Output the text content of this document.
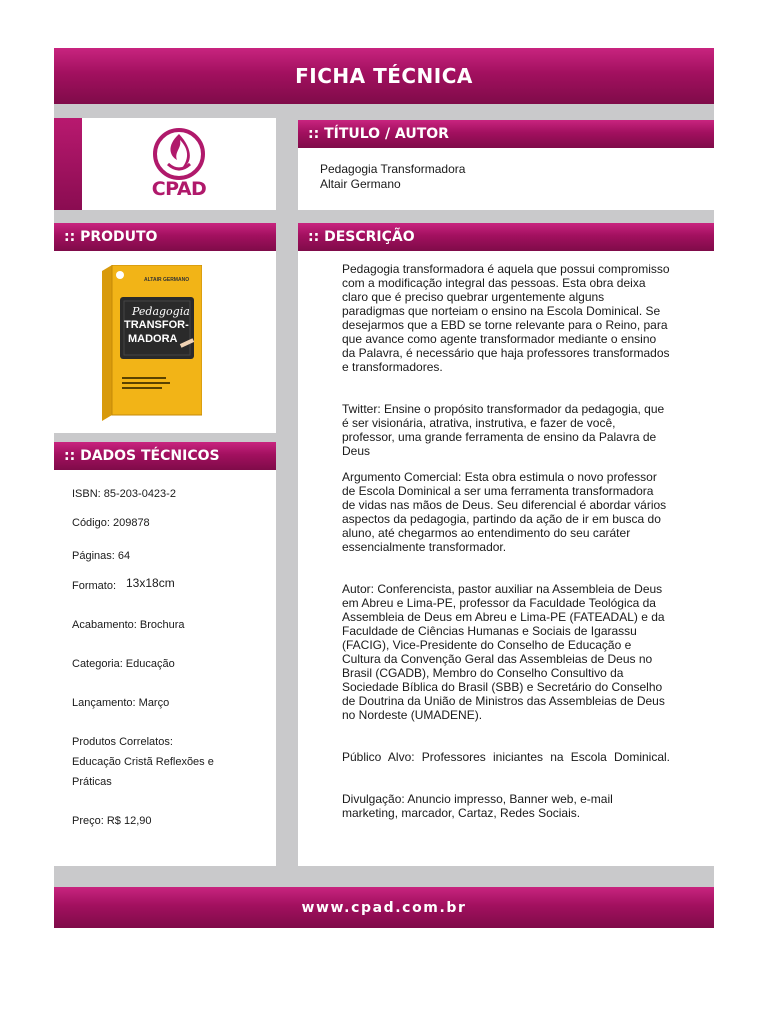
FICHA TÉCNICA
CPAD
:: TÍTULO / AUTOR
Pedagogia Transformadora
Altair Germano
:: PRODUTO
ALTAIR GERMANO
Pedagogia
TRANSFOR-
MADORA
:: DADOS TÉCNICOS
ISBN: 85-203-0423-2
Código: 209878
Páginas: 64
Formato: 13x18cm
Acabamento: Brochura
Categoria: Educação
Lançamento: Março
Produtos Correlatos:
Educação Cristã Reflexões e
Práticas
Preço: R$ 12,90
:: DESCRIÇÃO

Pedagogia transformadora é aquela que possui compromisso com a modificação integral das pessoas. Esta obra deixa claro que é preciso quebrar urgentemente alguns paradigmas que norteiam o ensino na Escola Dominical. Se desejarmos que a EBD se torne relevante para o Reino, para que avance como agente transformador mediante o ensino da Palavra, é necessário que haja professores transformados e transformadores.

Twitter: Ensine o propósito transformador da pedagogia, que é ser visionária, atrativa, instrutiva, e fazer de você, professor, uma grande ferramenta de ensino da Palavra de Deus

Argumento Comercial: Esta obra estimula o novo professor de Escola Dominical a ser uma ferramenta transformadora de vidas nas mãos de Deus. Seu diferencial é abordar vários aspectos da pedagogia, partindo da ação de ir em busca do aluno, até chegarmos ao entendimento do seu caráter essencialmente transformador.

Autor: Conferencista, pastor auxiliar na Assembleia de Deus em Abreu e Lima-PE, professor da Faculdade Teológica da Assembleia de Deus em Abreu e Lima-PE (FATEADAL) e da Faculdade de Ciências Humanas e Sociais de Igarassu (FACIG), Vice-Presidente do Conselho de Educação e Cultura da Convenção Geral das Assembleias de Deus no Brasil (CGADB), Membro do Conselho Consultivo da Sociedade Bíblica do Brasil (SBB) e Secretário do Conselho de Doutrina da União de Ministros das Assembleias de Deus no Nordeste (UMADENE).

Público Alvo: Professores iniciantes na Escola Dominical.

Divulgação: Anuncio impresso, Banner web, e-mail marketing, marcador, Cartaz, Redes Sociais.

www.cpad.com.br
